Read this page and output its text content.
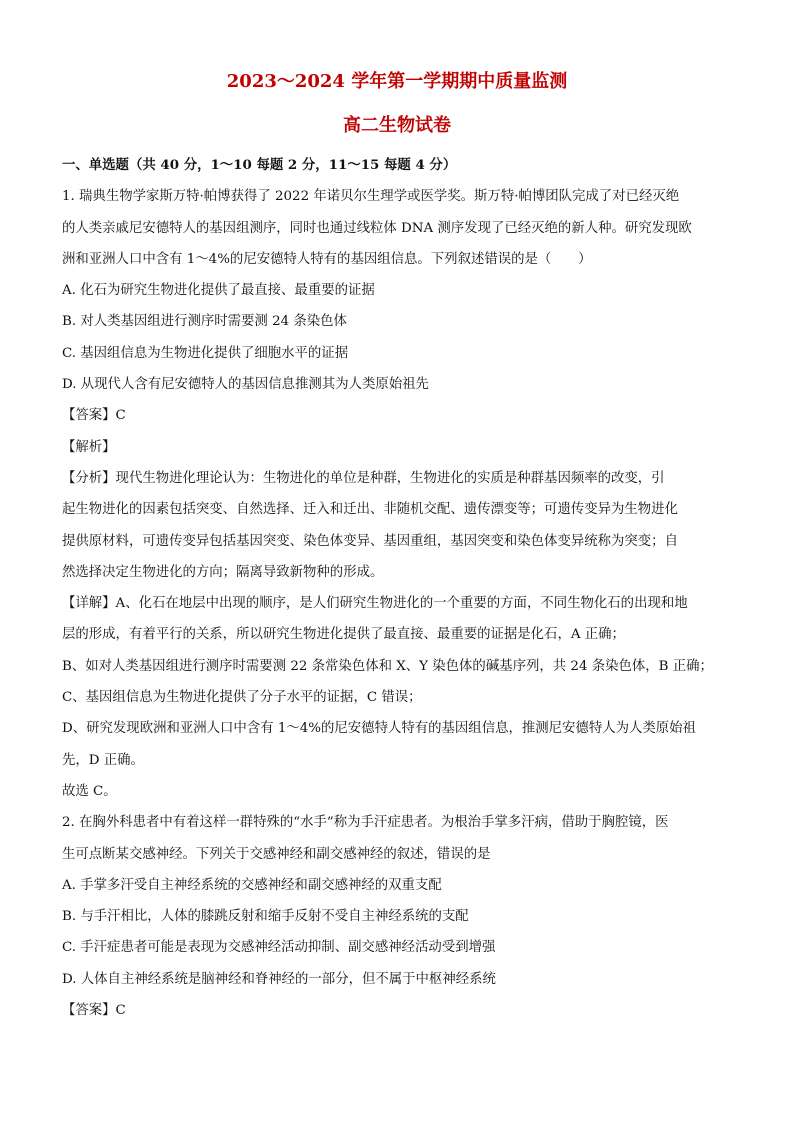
2023～2024 学年第一学期期中质量监测
高二生物试卷
一、单选题（共 40 分，1～10 每题 2 分，11～15 每题 4 分）
1. 瑞典生物学家斯万特·帕博获得了 2022 年诺贝尔生理学或医学奖。斯万特·帕博团队完成了对已经灭绝
的人类亲戚尼安德特人的基因组测序，同时也通过线粒体 DNA 测序发现了已经灭绝的新人种。研究发现欧
洲和亚洲人口中含有 1～4%的尼安德特人特有的基因组信息。下列叙述错误的是（　　）
A. 化石为研究生物进化提供了最直接、最重要的证据
B. 对人类基因组进行测序时需要测 24 条染色体
C. 基因组信息为生物进化提供了细胞水平的证据
D. 从现代人含有尼安德特人的基因信息推测其为人类原始祖先
【答案】C
【解析】
【分析】现代生物进化理论认为：生物进化的单位是种群，生物进化的实质是种群基因频率的改变，引
起生物进化的因素包括突变、自然选择、迁入和迁出、非随机交配、遗传漂变等；可遗传变异为生物进化
提供原材料，可遗传变异包括基因突变、染色体变异、基因重组，基因突变和染色体变异统称为突变；自
然选择决定生物进化的方向；隔离导致新物种的形成。
【详解】A、化石在地层中出现的顺序，是人们研究生物进化的一个重要的方面，不同生物化石的出现和地
层的形成，有着平行的关系，所以研究生物进化提供了最直接、最重要的证据是化石，A 正确；
B、如对人类基因组进行测序时需要测 22 条常染色体和 X、Y 染色体的碱基序列，共 24 条染色体，B 正确；
C、基因组信息为生物进化提供了分子水平的证据，C 错误；
D、研究发现欧洲和亚洲人口中含有 1～4%的尼安德特人特有的基因组信息，推测尼安德特人为人类原始祖
先，D 正确。
故选 C。
2. 在胸外科患者中有着这样一群特殊的“水手”称为手汗症患者。为根治手掌多汗病，借助于胸腔镜，医
生可点断某交感神经。下列关于交感神经和副交感神经的叙述，错误的是
A. 手掌多汗受自主神经系统的交感神经和副交感神经的双重支配
B. 与手汗相比，人体的膝跳反射和缩手反射不受自主神经系统的支配
C. 手汗症患者可能是表现为交感神经活动抑制、副交感神经活动受到增强
D. 人体自主神经系统是脑神经和脊神经的一部分，但不属于中枢神经系统
【答案】C
